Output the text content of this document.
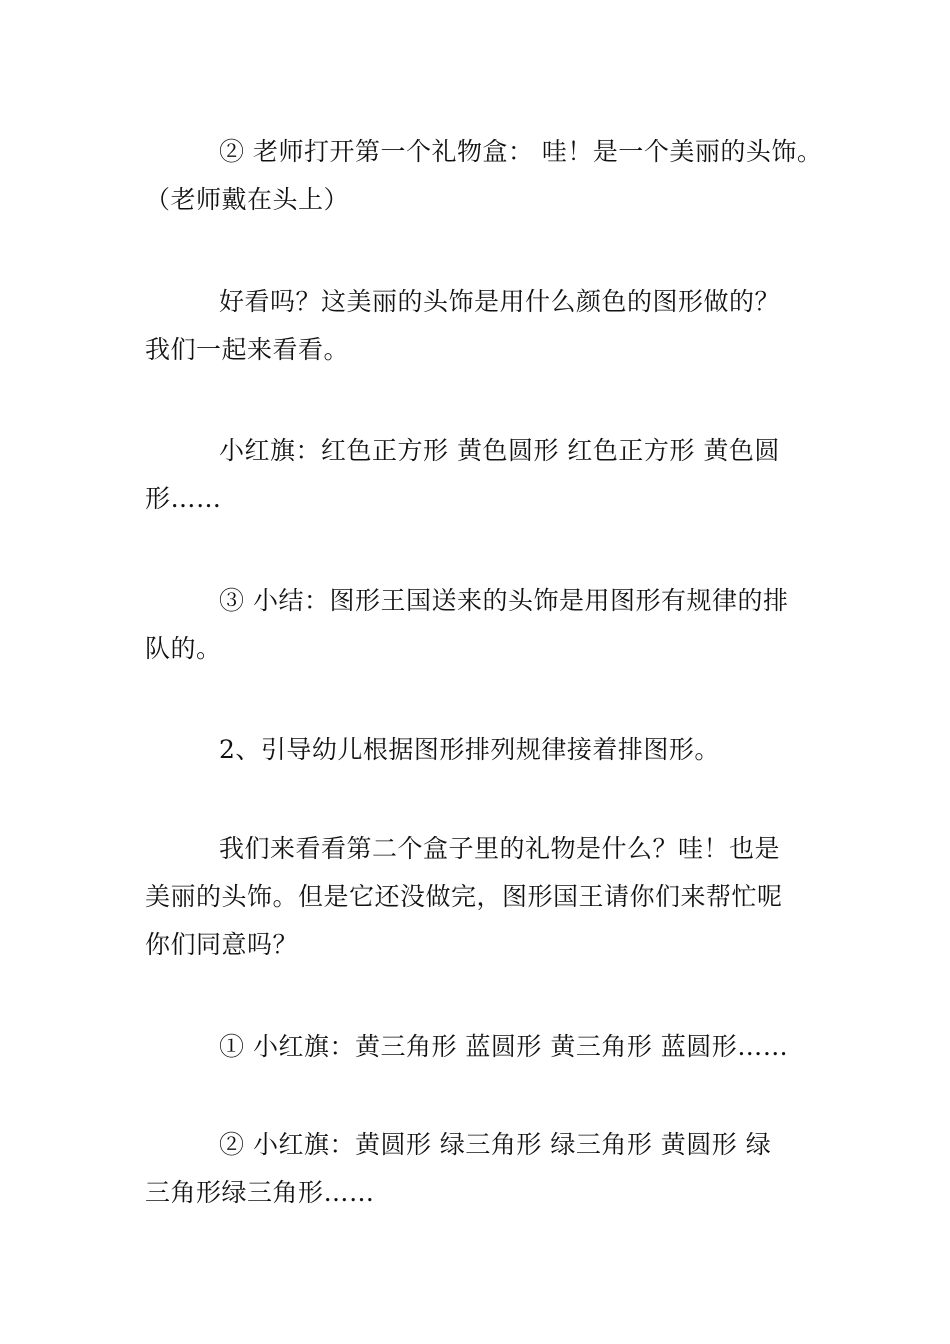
② 老师打开第一个礼物盒： 哇！是一个美丽的头饰。
（老师戴在头上）
好看吗？这美丽的头饰是用什么颜色的图形做的？
我们一起来看看。
小红旗：红色正方形 黄色圆形 红色正方形 黄色圆
形……
③ 小结：图形王国送来的头饰是用图形有规律的排
队的。
2、引导幼儿根据图形排列规律接着排图形。
我们来看看第二个盒子里的礼物是什么？哇！也是
美丽的头饰。但是它还没做完，图形国王请你们来帮忙呢
你们同意吗？
① 小红旗：黄三角形 蓝圆形 黄三角形 蓝圆形……
② 小红旗：黄圆形 绿三角形 绿三角形 黄圆形 绿
三角形绿三角形……
